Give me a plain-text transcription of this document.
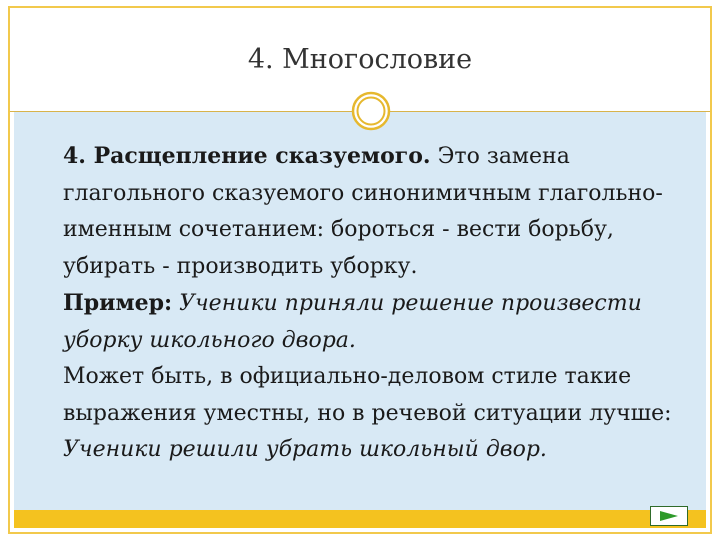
4. Многословие

4. Расщепление сказуемого. Это замена глагольного сказуемого синонимичным глагольно-именным сочетанием: бороться - вести борьбу, убирать - производить уборку.

Пример: Ученики приняли решение произвести уборку школьного двора.

Может быть, в официально-деловом стиле такие выражения уместны, но в речевой ситуации лучше: Ученики решили убрать школьный двор.
